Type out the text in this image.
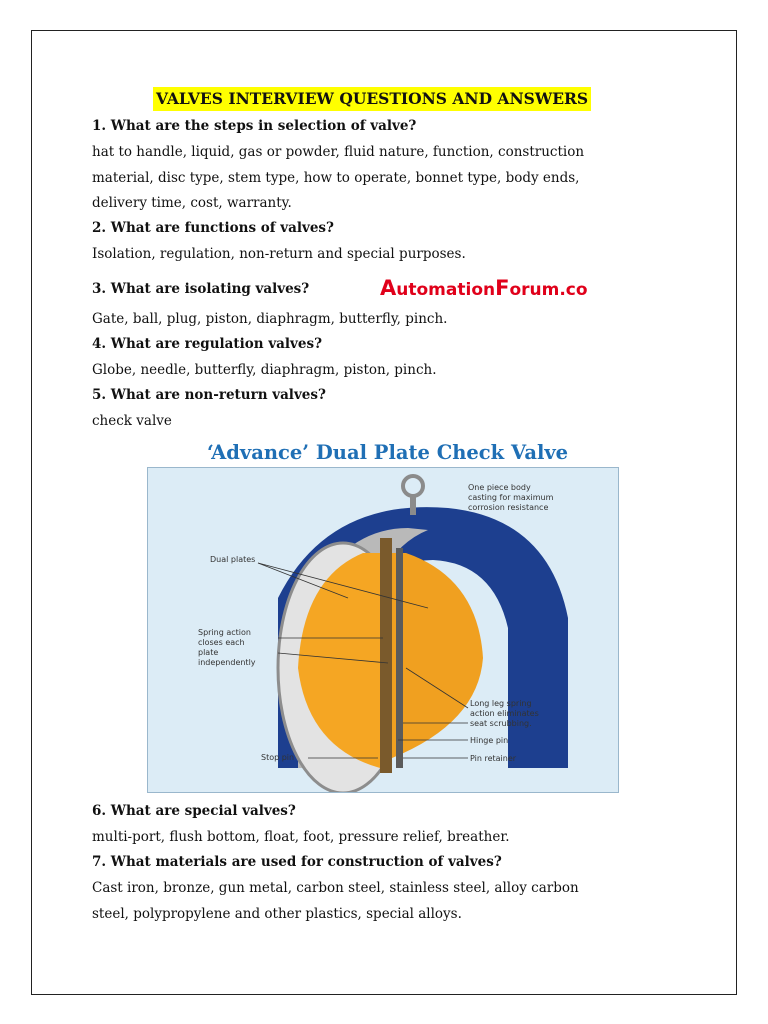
VALVES INTERVIEW QUESTIONS AND ANSWERS
1. What are the steps in selection of valve?
hat to handle, liquid, gas or powder, fluid nature, function, construction
material, disc type, stem type, how to operate, bonnet type, body ends,
delivery time, cost, warranty.
2. What are functions of valves?
Isolation, regulation, non-return and special purposes.
3. What are isolating valves?	AutomationForum.co
Gate, ball, plug, piston, diaphragm, butterfly, pinch.
4. What are regulation valves?
Globe, needle, butterfly, diaphragm, piston, pinch.
5. What are non-return valves?
check valve
‘Advance’ Dual Plate Check Valve
One piece body
casting for maximum
corrosion resistance
Dual plates
Spring action
closes each
plate
independently
Long leg spring
action eliminates
seat scrubbing.
Hinge pin
Stop pin	Pin retainer
6. What are special valves?
multi-port, flush bottom, float, foot, pressure relief, breather.
7. What materials are used for construction of valves?
Cast iron, bronze, gun metal, carbon steel, stainless steel, alloy carbon
steel, polypropylene and other plastics, special alloys.
